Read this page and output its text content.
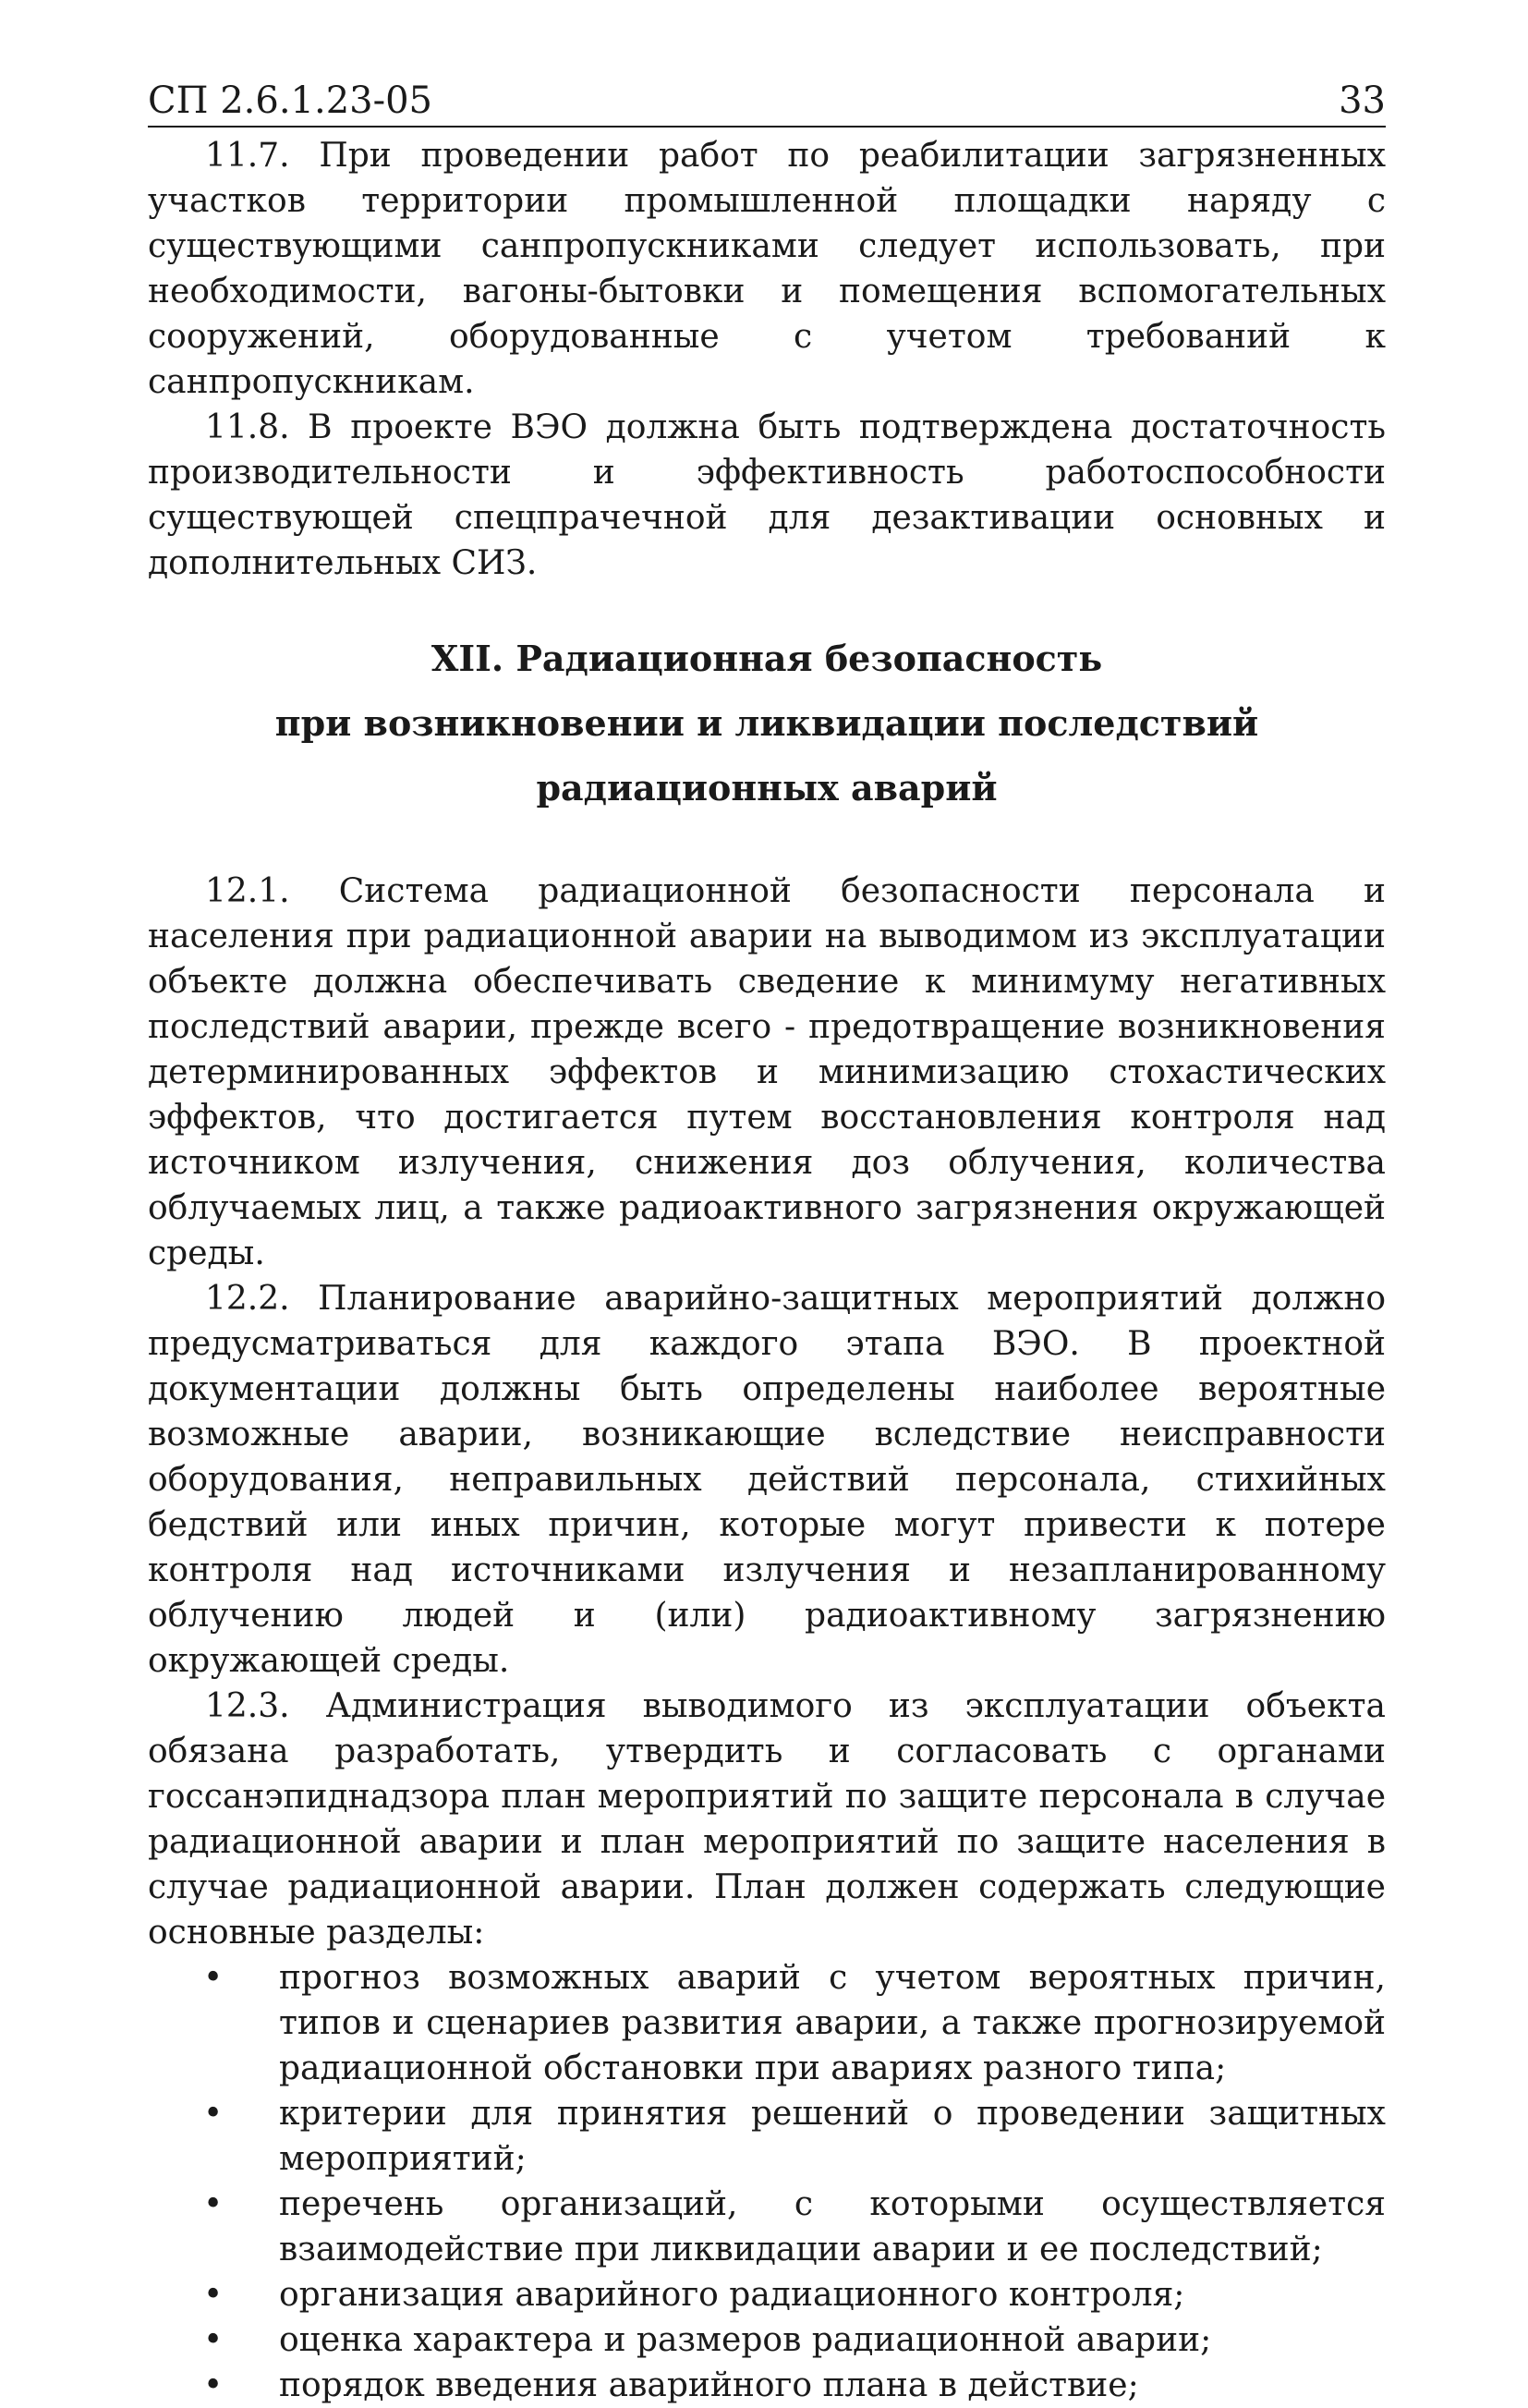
СП 2.6.1.23-05	33

11.7. При проведении работ по реабилитации загрязненных участков территории промышленной площадки наряду с существующими санпропускниками следует использовать, при необходимости, вагоны-бытовки и помещения вспомогательных сооружений, оборудованные с учетом требований к санпропускникам.

11.8. В проекте ВЭО должна быть подтверждена достаточность производительности и эффективность работоспособности существующей спецпрачечной для дезактивации основных и дополнительных СИЗ.

XII. Радиационная безопасность
при возникновении и ликвидации последствий
радиационных аварий

12.1. Система радиационной безопасности персонала и населения при радиационной аварии на выводимом из эксплуатации объекте должна обеспечивать сведение к минимуму негативных последствий аварии, прежде всего - предотвращение возникновения детерминированных эффектов и минимизацию стохастических эффектов, что достигается путем восстановления контроля над источником излучения, снижения доз облучения, количества облучаемых лиц, а также радиоактивного загрязнения окружающей среды.

12.2. Планирование аварийно-защитных мероприятий должно предусматриваться для каждого этапа ВЭО. В проектной документации должны быть определены наиболее вероятные возможные аварии, возникающие вследствие неисправности оборудования, неправильных действий персонала, стихийных бедствий или иных причин, которые могут привести к потере контроля над источниками излучения и незапланированному облучению людей и (или) радиоактивному загрязнению окружающей среды.

12.3. Администрация выводимого из эксплуатации объекта обязана разработать, утвердить и согласовать с органами госсанэпиднадзора план мероприятий по защите персонала в случае радиационной аварии и план мероприятий по защите населения в случае радиационной аварии. План должен содержать следующие основные разделы:

• прогноз возможных аварий с учетом вероятных причин, типов и сценариев развития аварии, а также прогнозируемой радиационной обстановки при авариях разного типа;
• критерии для принятия решений о проведении защитных мероприятий;
• перечень организаций, с которыми осуществляется взаимодействие при ликвидации аварии и ее последствий;
• организация аварийного радиационного контроля;
• оценка характера и размеров радиационной аварии;
• порядок введения аварийного плана в действие;
